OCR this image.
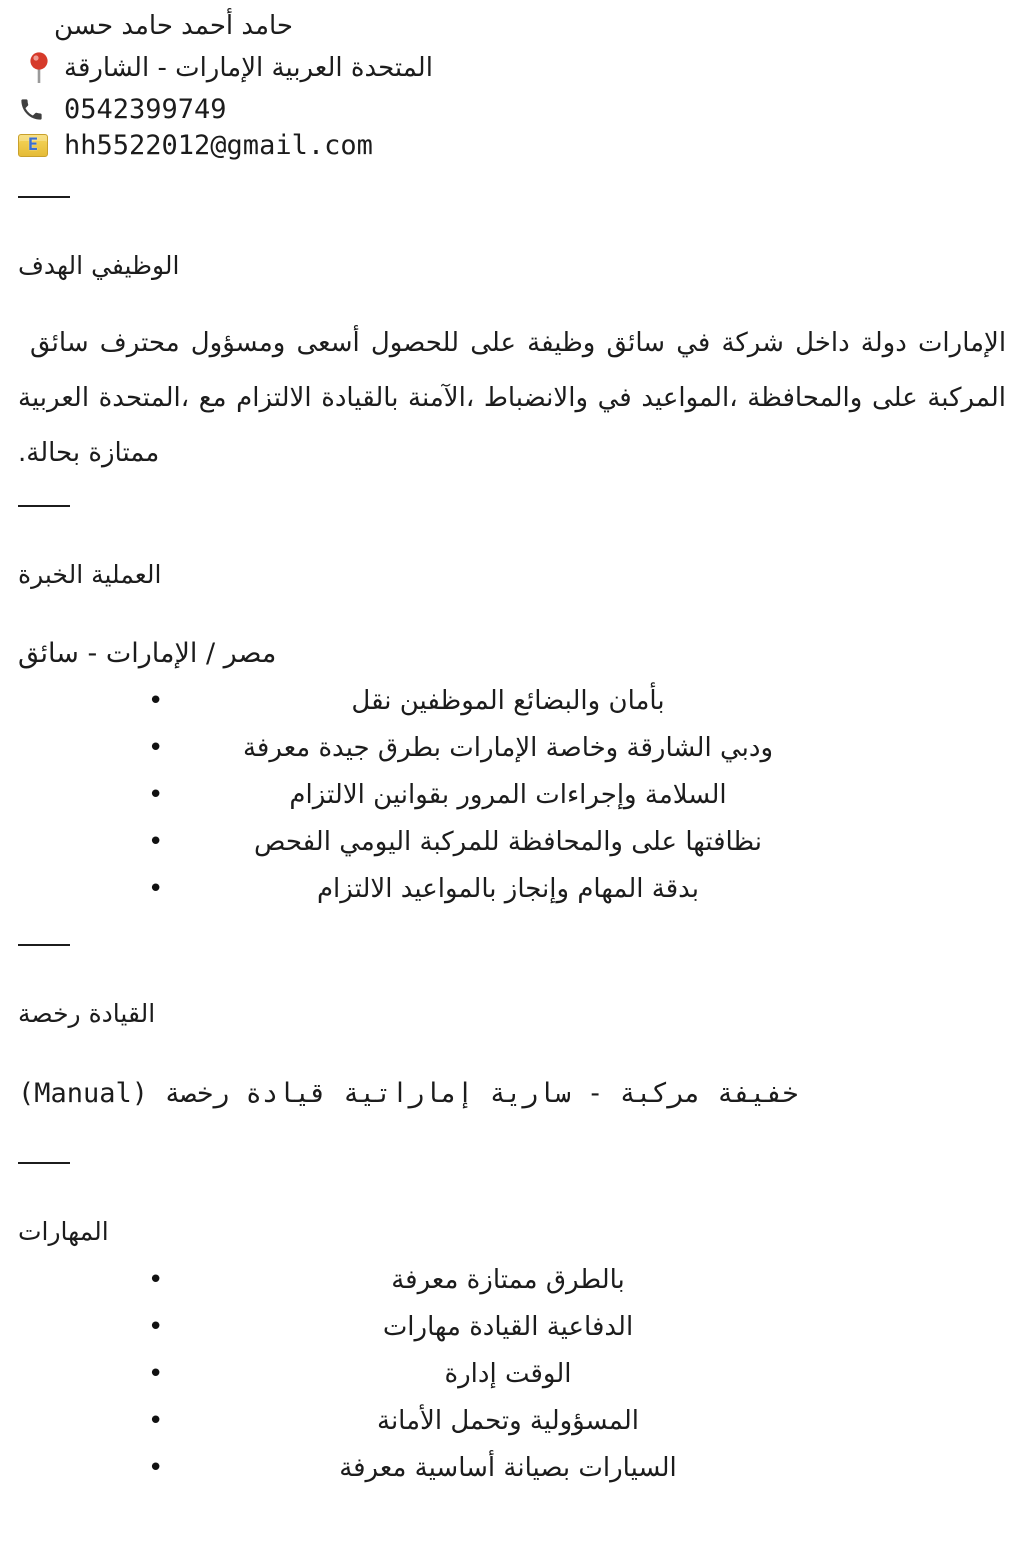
حسن ‎حامد ‎أحمد ‎حامد
الشارقة ‎- ‎الإمارات ‎العربية ‎المتحدة
0542399749
E hh5522012@gmail.com
الهدف ‎الوظيفي
سائق ‎محترف ‎ومسؤول ‎أسعى ‎للحصول ‎على ‎وظيفة ‎سائق ‎في ‎شركة ‎داخل ‎دولة ‎الإمارات
العربية ‎المتحدة، ‎مع ‎الالتزام ‎بالقيادة ‎الآمنة، ‎والانضباط ‎في ‎المواعيد، ‎والمحافظة ‎على ‎المركبة
.بحالة ‎ممتازة
الخبرة ‎العملية
سائق ‎- ‎الإمارات ‎/ ‎مصر
•	نقل ‎الموظفين ‎والبضائع ‎بأمان
•	معرفة ‎جيدة ‎بطرق ‎الإمارات ‎وخاصة ‎الشارقة ‎ودبي
•	الالتزام ‎بقوانين ‎المرور ‎وإجراءات ‎السلامة
•	الفحص ‎اليومي ‎للمركبة ‎والمحافظة ‎على ‎نظافتها
•	الالتزام ‎بالمواعيد ‎وإنجاز ‎المهام ‎بدقة
رخصة ‎القيادة
(Manual) ‎رخصة ‎قيادة ‎إماراتية ‎سارية ‎- ‎مركبة ‎خفيفة
المهارات
•	معرفة ‎ممتازة ‎بالطرق
•	مهارات ‎القيادة ‎الدفاعية
•	إدارة ‎الوقت
•	الأمانة ‎وتحمل ‎المسؤولية
•	معرفة ‎أساسية ‎بصيانة ‎السيارات
